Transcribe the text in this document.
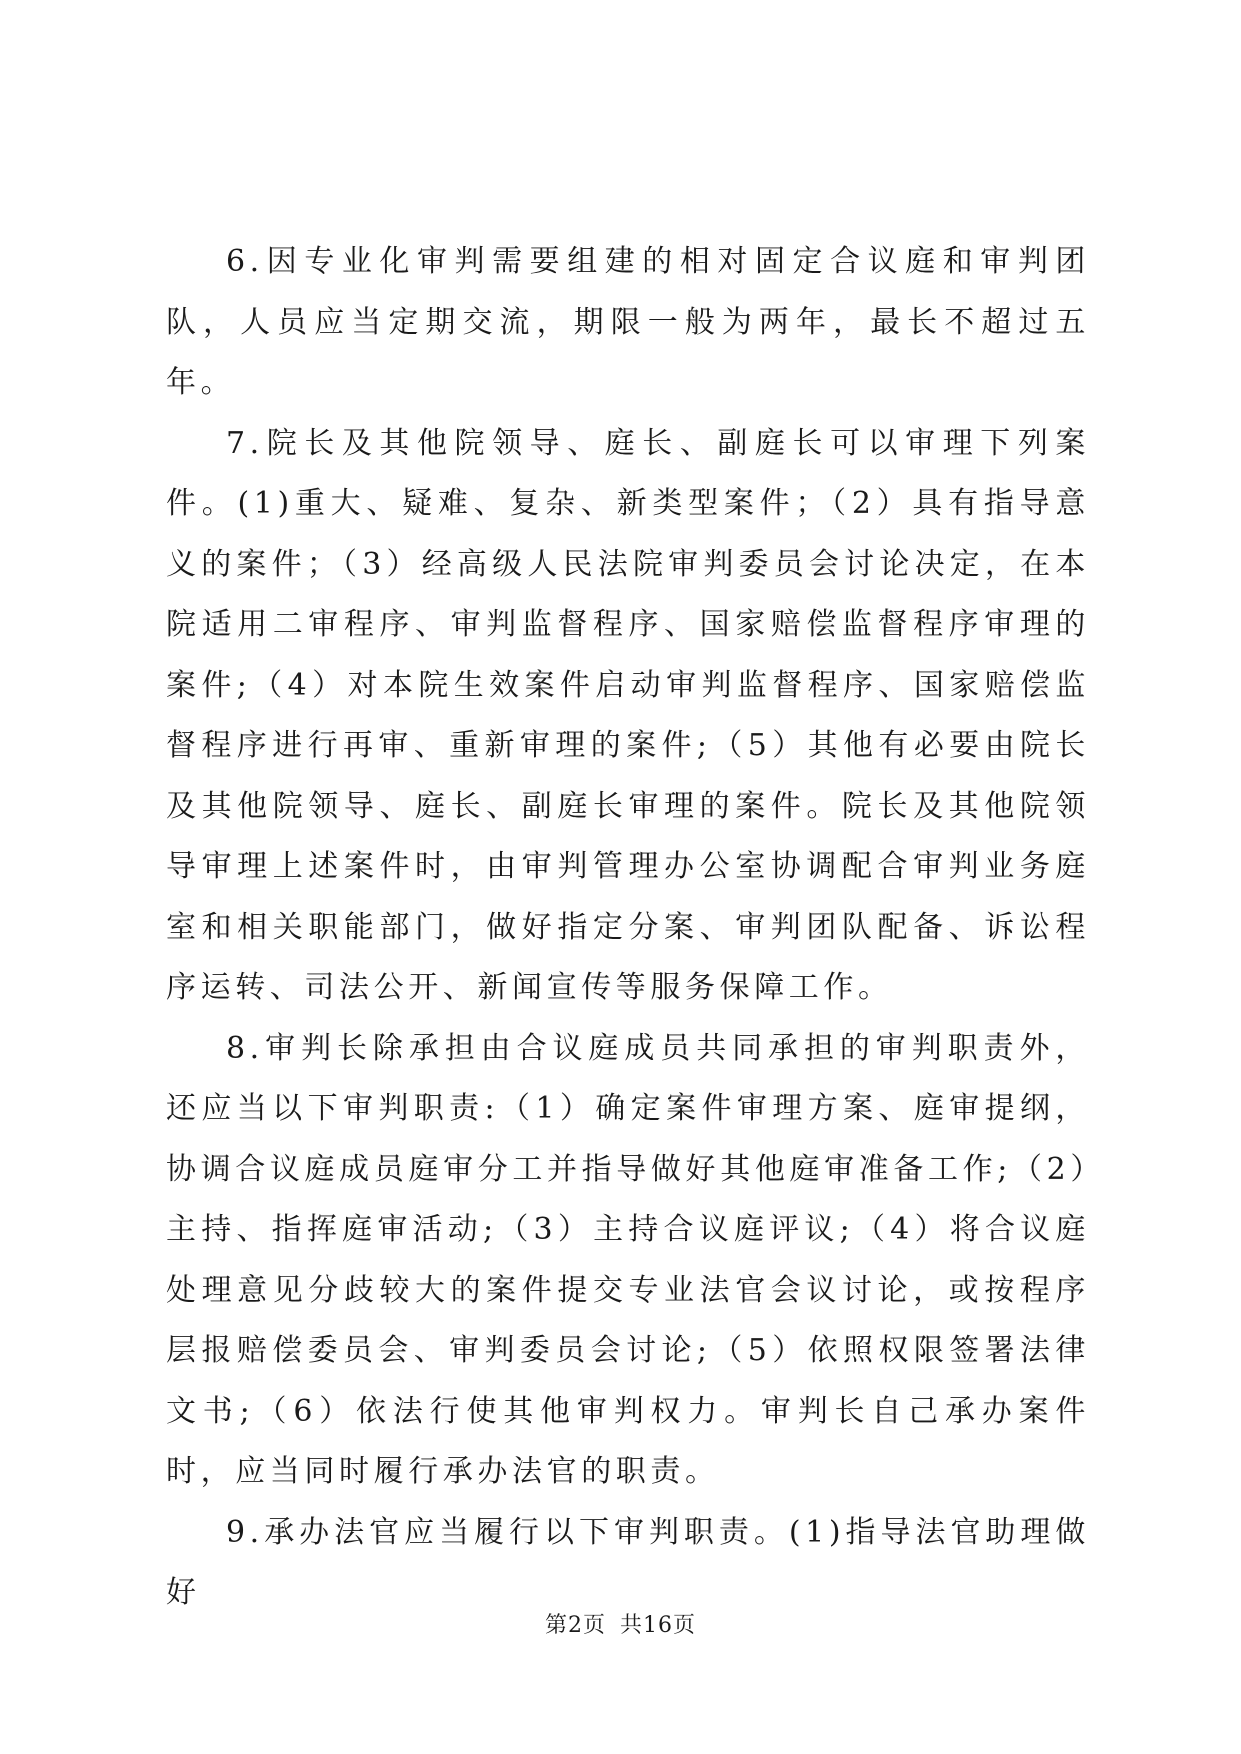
6.因专业化审判需要组建的相对固定合议庭和审判团队，人员应当定期交流，期限一般为两年，最长不超过五年。

7.院长及其他院领导、庭长、副庭长可以审理下列案件。(1)重大、疑难、复杂、新类型案件；（2）具有指导意义的案件；（3）经高级人民法院审判委员会讨论决定，在本院适用二审程序、审判监督程序、国家赔偿监督程序审理的案件;（4）对本院生效案件启动审判监督程序、国家赔偿监督程序进行再审、重新审理的案件;（5）其他有必要由院长及其他院领导、庭长、副庭长审理的案件。院长及其他院领导审理上述案件时，由审判管理办公室协调配合审判业务庭室和相关职能部门，做好指定分案、审判团队配备、诉讼程序运转、司法公开、新闻宣传等服务保障工作。

8.审判长除承担由合议庭成员共同承担的审判职责外，还应当以下审判职责:（1）确定案件审理方案、庭审提纲，协调合议庭成员庭审分工并指导做好其他庭审准备工作;（2）主持、指挥庭审活动;（3）主持合议庭评议;（4）将合议庭处理意见分歧较大的案件提交专业法官会议讨论，或按程序层报赔偿委员会、审判委员会讨论;（5）依照权限签署法律文书;（6）依法行使其他审判权力。审判长自己承办案件时，应当同时履行承办法官的职责。

9.承办法官应当履行以下审判职责。(1)指导法官助理做好

第2页 共16页
